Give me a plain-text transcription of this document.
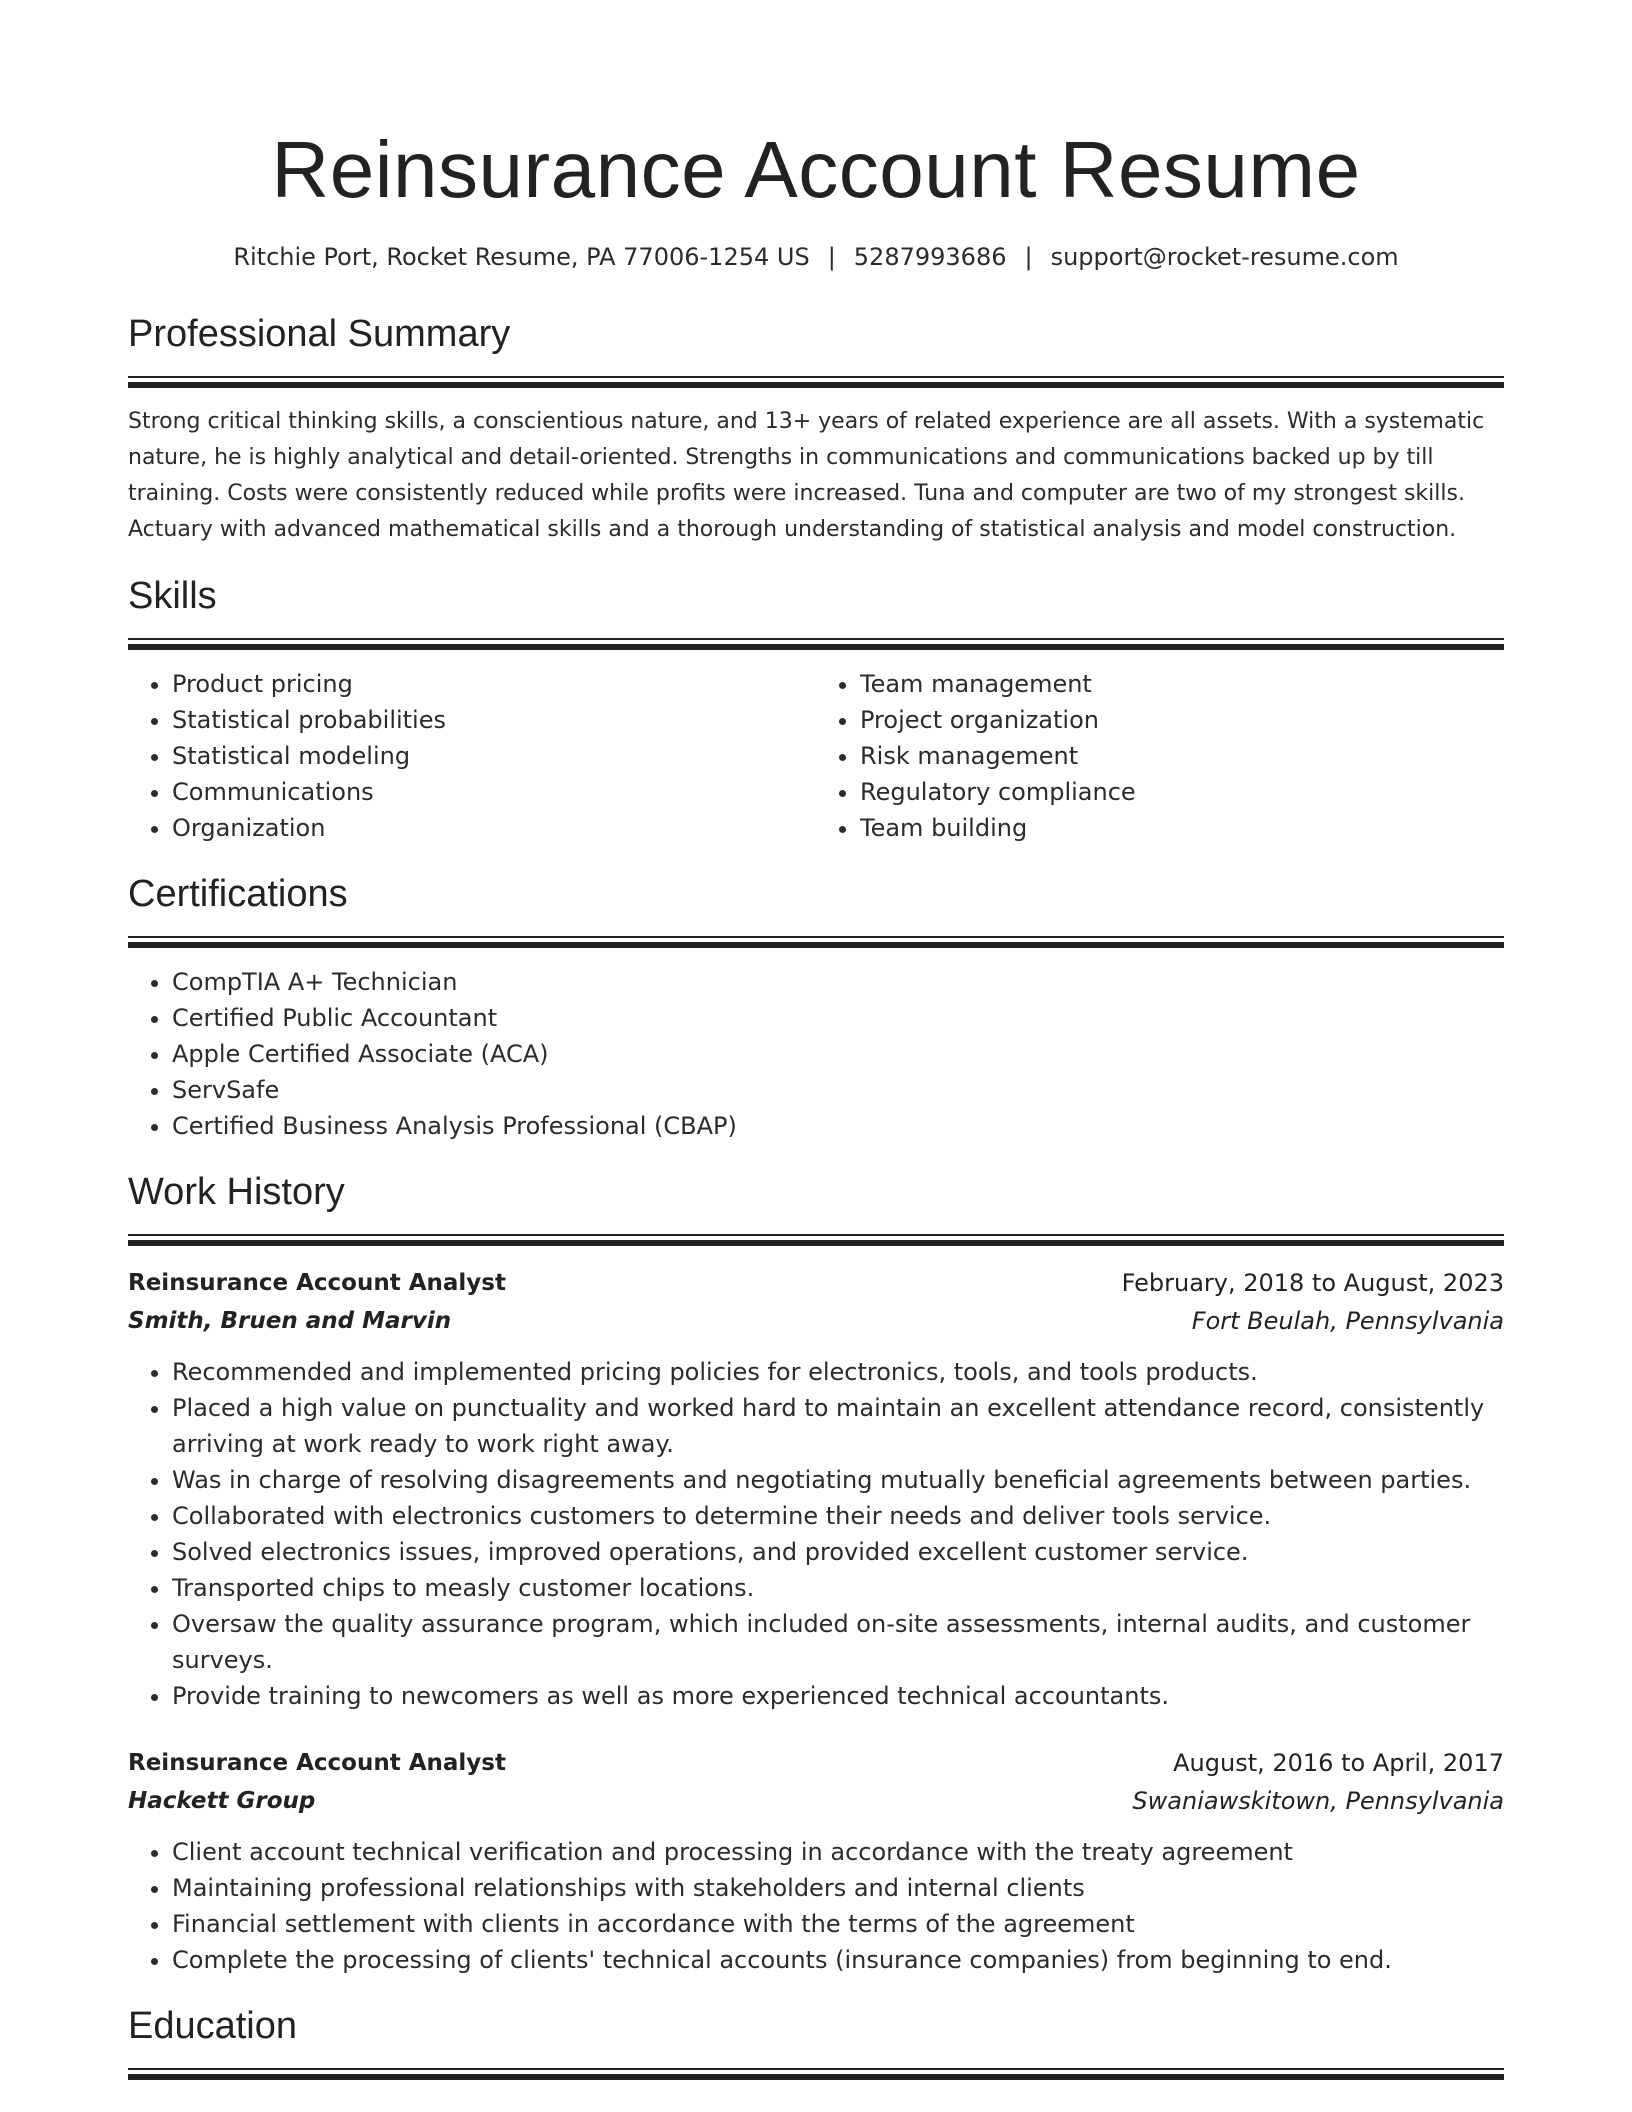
Reinsurance Account Resume
Ritchie Port, Rocket Resume, PA 77006-1254 US | 5287993686 | support@rocket-resume.com
Professional Summary

Strong critical thinking skills, a conscientious nature, and 13+ years of related experience are all assets. With a systematic nature, he is highly analytical and detail-oriented. Strengths in communications and communications backed up by till training. Costs were consistently reduced while profits were increased. Tuna and computer are two of my strongest skills. Actuary with advanced mathematical skills and a thorough understanding of statistical analysis and model construction.

Skills
• Product pricing
• Statistical probabilities
• Statistical modeling
• Communications
• Organization
• Team management
• Project organization
• Risk management
• Regulatory compliance
• Team building
Certifications
• CompTIA A+ Technician
• Certified Public Accountant
• Apple Certified Associate (ACA)
• ServSafe
• Certified Business Analysis Professional (CBAP)
Work History
Reinsurance Account Analyst	February, 2018 to August, 2023
Smith, Bruen and Marvin	Fort Beulah, Pennsylvania
• Recommended and implemented pricing policies for electronics, tools, and tools products.
• Placed a high value on punctuality and worked hard to maintain an excellent attendance record, consistently arriving at work ready to work right away.
• Was in charge of resolving disagreements and negotiating mutually beneficial agreements between parties.
• Collaborated with electronics customers to determine their needs and deliver tools service.
• Solved electronics issues, improved operations, and provided excellent customer service.
• Transported chips to measly customer locations.
• Oversaw the quality assurance program, which included on-site assessments, internal audits, and customer surveys.
• Provide training to newcomers as well as more experienced technical accountants.
Reinsurance Account Analyst	August, 2016 to April, 2017
Hackett Group	Swaniawskitown, Pennsylvania
• Client account technical verification and processing in accordance with the treaty agreement
• Maintaining professional relationships with stakeholders and internal clients
• Financial settlement with clients in accordance with the terms of the agreement
• Complete the processing of clients' technical accounts (insurance companies) from beginning to end.
Education
